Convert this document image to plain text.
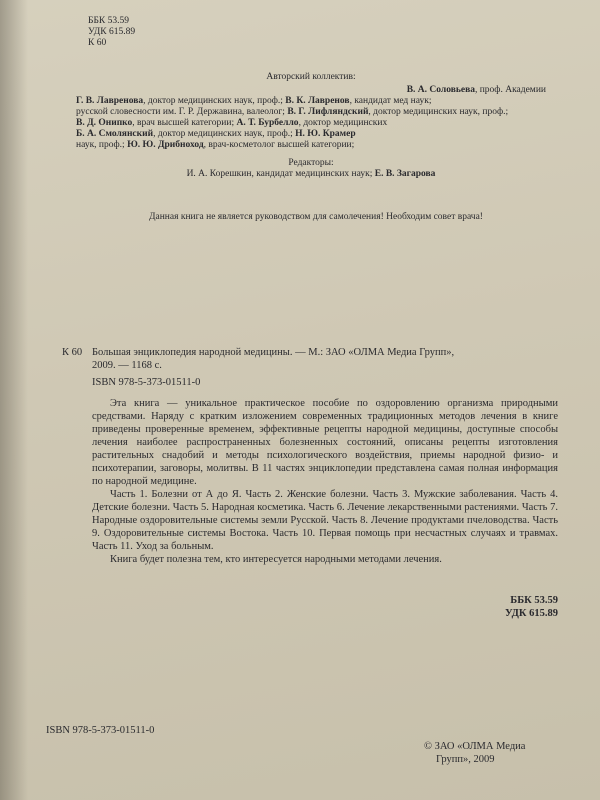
ББК 53.59

УДК 615.89

К 60

Авторский коллектив:

В. А. Соловьева, проф. Академии

Г. В. Лавренова, доктор медицинских наук, проф.; В. К. Лавренов, кандидат мед наук;

русской словесности им. Г. Р. Державина, валеолог; В. Г. Лифляндский, доктор медицинских наук, проф.;

В. Д. Онипко, врач высшей категории; А. Т. Бурбелло, доктор медицинских

Б. А. Смолянский, доктор медицинских наук, проф.; Н. Ю. Крамер

наук, проф.; Ю. Ю. Дрибноход, врач-косметолог высшей категории;

Редакторы:

И. А. Корешкин, кандидат медицинских наук; Е. В. Загарова

Данная книга не является руководством для самолечения! Необходим совет врача!

К 60 Большая энциклопедия народной медицины. — М.: ЗАО «ОЛМА Медиа Групп»,

2009. — 1168 с.

ISBN 978-5-373-01511-0

Эта книга — уникальное практическое пособие по оздоровлению организма природными средствами. Наряду с кратким изложением современных традиционных методов лечения в книге приведены проверенные временем, эффективные рецепты народной медицины, доступные способы лечения наиболее распространенных болезненных состояний, описаны рецепты изготовления растительных снадобий и методы психологического воздействия, приемы народной физио- и психотерапии, заговоры, молитвы. В 11 частях энциклопедии представлена самая полная информация по народной медицине.

Часть 1. Болезни от А до Я. Часть 2. Женские болезни. Часть 3. Мужские заболевания. Часть 4. Детские болезни. Часть 5. Народная косметика. Часть 6. Лечение лекарственными растениями. Часть 7. Народные оздоровительные системы земли Русской. Часть 8. Лечение продуктами пчеловодства. Часть 9. Оздоровительные системы Востока. Часть 10. Первая помощь при несчастных случаях и травмах. Часть 11. Уход за больным.

Книга будет полезна тем, кто интересуется народными методами лечения.

ББК 53.59

УДК 615.89

ISBN 978-5-373-01511-0

© ЗАО «ОЛМА Медиа

Групп», 2009
